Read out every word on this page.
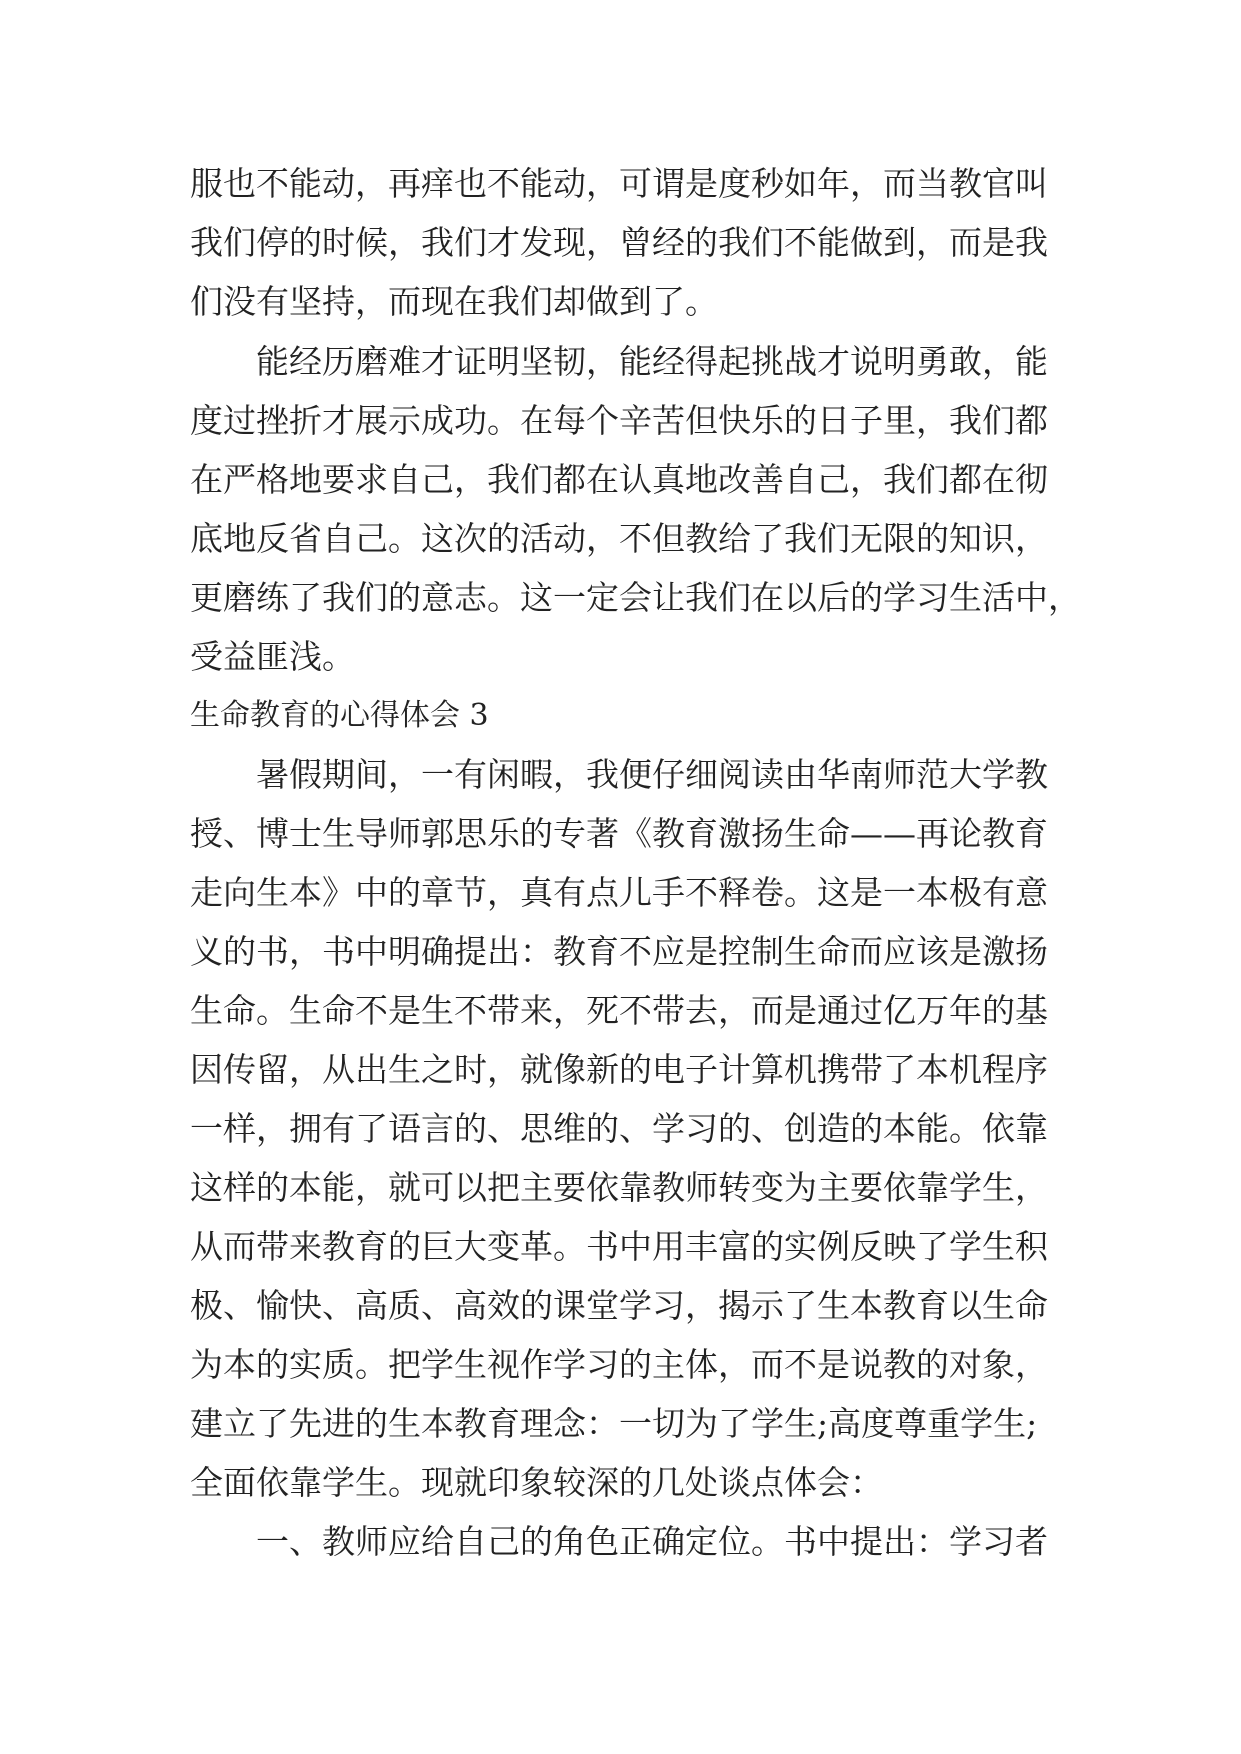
服也不能动，再痒也不能动，可谓是度秒如年，而当教官叫
我们停的时候，我们才发现，曾经的我们不能做到，而是我
们没有坚持，而现在我们却做到了。
能经历磨难才证明坚韧，能经得起挑战才说明勇敢，能
度过挫折才展示成功。在每个辛苦但快乐的日子里，我们都
在严格地要求自己，我们都在认真地改善自己，我们都在彻
底地反省自己。这次的活动，不但教给了我们无限的知识，
更磨练了我们的意志。这一定会让我们在以后的学习生活中，
受益匪浅。
生命教育的心得体会 3
暑假期间，一有闲暇，我便仔细阅读由华南师范大学教
授、博士生导师郭思乐的专著《教育激扬生命——再论教育
走向生本》中的章节，真有点儿手不释卷。这是一本极有意
义的书，书中明确提出：教育不应是控制生命而应该是激扬
生命。生命不是生不带来，死不带去，而是通过亿万年的基
因传留，从出生之时，就像新的电子计算机携带了本机程序
一样，拥有了语言的、思维的、学习的、创造的本能。依靠
这样的本能，就可以把主要依靠教师转变为主要依靠学生，
从而带来教育的巨大变革。书中用丰富的实例反映了学生积
极、愉快、高质、高效的课堂学习，揭示了生本教育以生命
为本的实质。把学生视作学习的主体，而不是说教的对象，
建立了先进的生本教育理念：一切为了学生;高度尊重学生;
全面依靠学生。现就印象较深的几处谈点体会：
一、教师应给自己的角色正确定位。书中提出：学习者
